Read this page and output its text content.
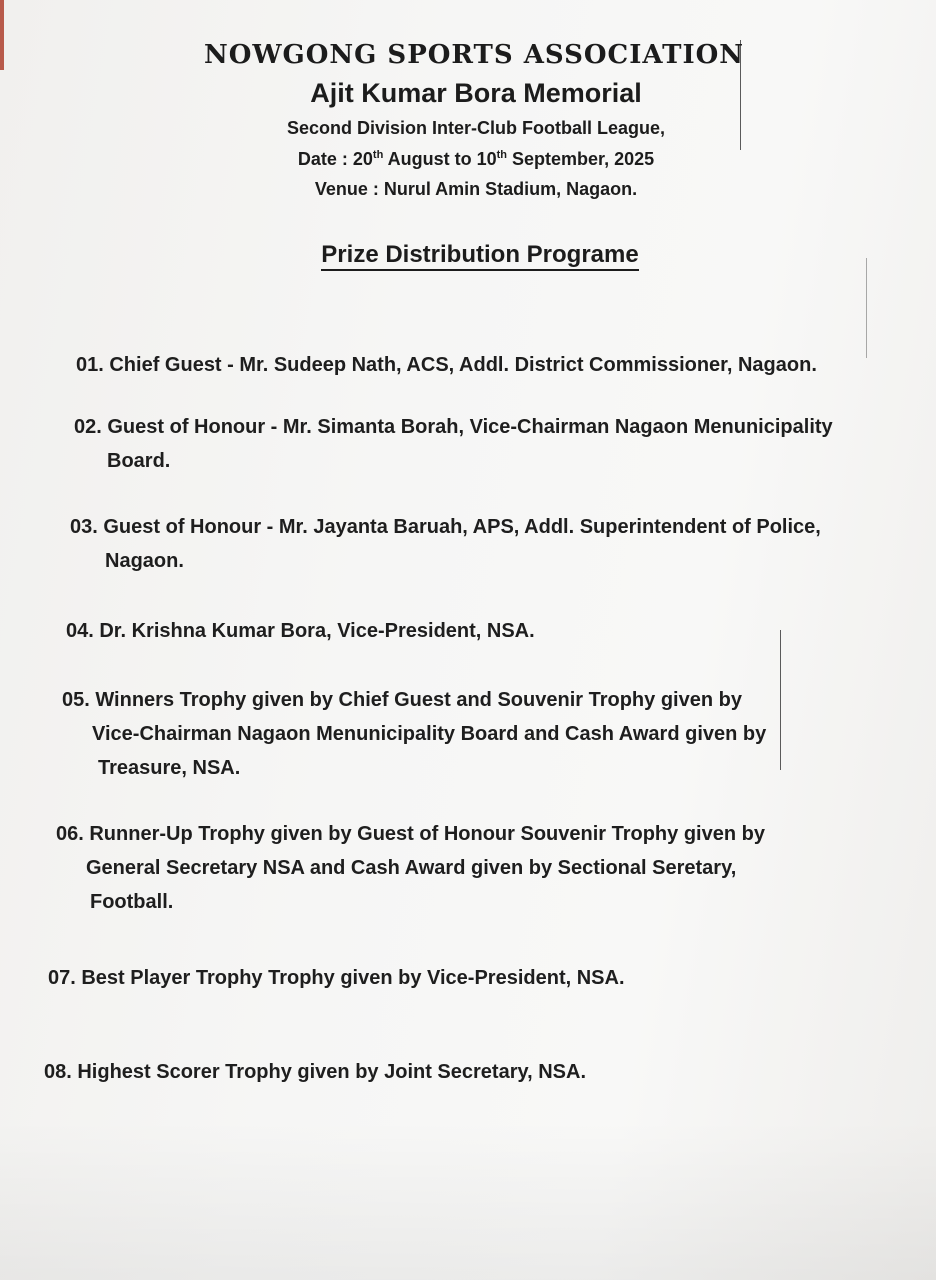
NOWGONG SPORTS ASSOCIATION
Ajit Kumar Bora Memorial
Second Division Inter-Club Football League,
Date : 20th August to 10th September, 2025
Venue : Nurul Amin Stadium, Nagaon.
Prize Distribution Programe
01. Chief Guest - Mr. Sudeep Nath, ACS, Addl. District Commissioner, Nagaon.
02. Guest of Honour - Mr. Simanta Borah, Vice-Chairman Nagaon Menunicipality
Board.
03. Guest of Honour - Mr. Jayanta Baruah, APS, Addl. Superintendent of Police,
Nagaon.
04. Dr. Krishna Kumar Bora, Vice-President, NSA.
05. Winners Trophy given by Chief Guest and Souvenir Trophy given by
Vice-Chairman Nagaon Menunicipality Board and Cash Award given by
Treasure, NSA.
06. Runner-Up Trophy given by Guest of Honour Souvenir Trophy given by
General Secretary NSA and Cash Award given by Sectional Seretary,
Football.
07. Best Player Trophy Trophy given by Vice-President, NSA.
08. Highest Scorer Trophy given by Joint Secretary, NSA.
